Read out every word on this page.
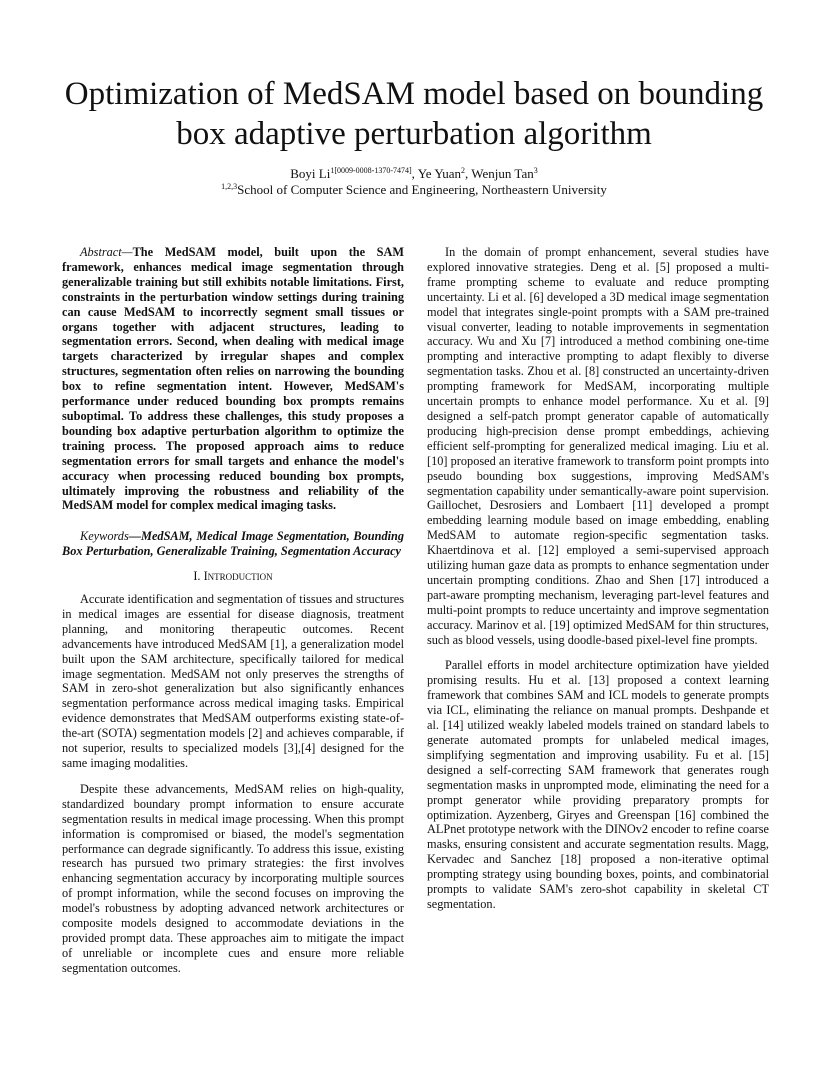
Optimization of MedSAM model based on bounding
box adaptive perturbation algorithm
Boyi $Li^{1[0009-0008-1370-7474]}$, Ye Yuan$^2$, Wenjun Tan$^3$
$^{1,2,3}$School of Computer Science and Engineering, Northeastern University

Abstract—The MedSAM model, built upon the SAM framework, enhances medical image segmentation through generalizable training but still exhibits notable limitations. First, constraints in the perturbation window settings during training can cause MedSAM to incorrectly segment small tissues or organs together with adjacent structures, leading to segmentation errors. Second, when dealing with medical image targets characterized by irregular shapes and complex structures, segmentation often relies on narrowing the bounding box to refine segmentation intent. However, MedSAM's performance under reduced bounding box prompts remains suboptimal. To address these challenges, this study proposes a bounding box adaptive perturbation algorithm to optimize the training process. The proposed approach aims to reduce segmentation errors for small targets and enhance the model's accuracy when processing reduced bounding box prompts, ultimately improving the robustness and reliability of the MedSAM model for complex medical imaging tasks.

Keywords—MedSAM, Medical Image Segmentation, Bounding Box Perturbation, Generalizable Training, Segmentation Accuracy

I. Introduction

Accurate identification and segmentation of tissues and structures in medical images are essential for disease diagnosis, treatment planning, and monitoring therapeutic outcomes. Recent advancements have introduced MedSAM [1], a generalization model built upon the SAM architecture, specifically tailored for medical image segmentation. MedSAM not only preserves the strengths of SAM in zero-shot generalization but also significantly enhances segmentation performance across medical imaging tasks. Empirical evidence demonstrates that MedSAM outperforms existing state-of-the-art (SOTA) segmentation models [2] and achieves comparable, if not superior, results to specialized models [3],[4] designed for the same imaging modalities.

Despite these advancements, MedSAM relies on high-quality, standardized boundary prompt information to ensure accurate segmentation results in medical image processing. When this prompt information is compromised or biased, the model's segmentation performance can degrade significantly. To address this issue, existing research has pursued two primary strategies: the first involves enhancing segmentation accuracy by incorporating multiple sources of prompt information, while the second focuses on improving the model's robustness by adopting advanced network architectures or composite models designed to accommodate deviations in the provided prompt data. These approaches aim to mitigate the impact of unreliable or incomplete cues and ensure more reliable segmentation outcomes.

In the domain of prompt enhancement, several studies have explored innovative strategies. Deng et al. [5] proposed a multi-frame prompting scheme to evaluate and reduce prompting uncertainty. Li et al. [6] developed a 3D medical image segmentation model that integrates single-point prompts with a SAM pre-trained visual converter, leading to notable improvements in segmentation accuracy. Wu and Xu [7] introduced a method combining one-time prompting and interactive prompting to adapt flexibly to diverse segmentation tasks. Zhou et al. [8] constructed an uncertainty-driven prompting framework for MedSAM, incorporating multiple uncertain prompts to enhance model performance. Xu et al. [9] designed a self-patch prompt generator capable of automatically producing high-precision dense prompt embeddings, achieving efficient self-prompting for generalized medical imaging. Liu et al. [10] proposed an iterative framework to transform point prompts into pseudo bounding box suggestions, improving MedSAM's segmentation capability under semantically-aware point supervision. Gaillochet, Desrosiers and Lombaert [11] developed a prompt embedding learning module based on image embedding, enabling MedSAM to automate region-specific segmentation tasks. Khaertdinova et al. [12] employed a semi-supervised approach utilizing human gaze data as prompts to enhance segmentation under uncertain prompting conditions. Zhao and Shen [17] introduced a part-aware prompting mechanism, leveraging part-level features and multi-point prompts to reduce uncertainty and improve segmentation accuracy. Marinov et al. [19] optimized MedSAM for thin structures, such as blood vessels, using doodle-based pixel-level fine prompts.

Parallel efforts in model architecture optimization have yielded promising results. Hu et al. [13] proposed a context learning framework that combines SAM and ICL models to generate prompts via ICL, eliminating the reliance on manual prompts. Deshpande et al. [14] utilized weakly labeled models trained on standard labels to generate automated prompts for unlabeled medical images, simplifying segmentation and improving usability. Fu et al. [15] designed a self-correcting SAM framework that generates rough segmentation masks in unprompted mode, eliminating the need for a prompt generator while providing preparatory prompts for optimization. Ayzenberg, Giryes and Greenspan [16] combined the ALPnet prototype network with the DINOv2 encoder to refine coarse masks, ensuring consistent and accurate segmentation results. Magg, Kervadec and Sanchez [18] proposed a non-iterative optimal prompting strategy using bounding boxes, points, and combinatorial prompts to validate SAM's zero-shot capability in skeletal CT segmentation.
